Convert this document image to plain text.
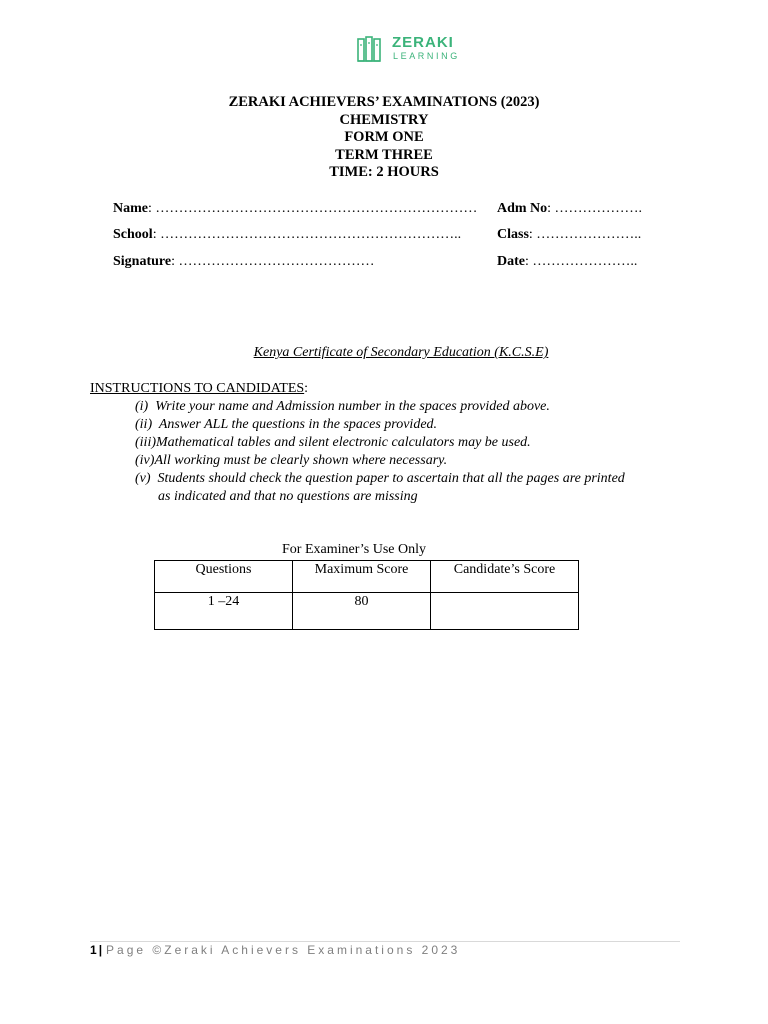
ZERAKI
LEARNING
ZERAKI ACHIEVERS’ EXAMINATIONS (2023)
CHEMISTRY
FORM ONE
TERM THREE
TIME: 2 HOURS
Name: …………………………………………………………… Adm No: ……………….
School: ………………………………………………………..	Class: …………………..
Signature: ……………………………………	Date: …………………..
Kenya Certificate of Secondary Education (K.C.S.E)
INSTRUCTIONS TO CANDIDATES:
(i) Write your name and Admission number in the spaces provided above.
(ii) Answer ALL the questions in the spaces provided.
(iii)Mathematical tables and silent electronic calculators may be used.
(iv)All working must be clearly shown where necessary.
(v) Students should check the question paper to ascertain that all the pages are printed
as indicated and that no questions are missing
For Examiner’s Use Only
Questions	Maximum Score	Candidate’s Score
1 –24	80	
1 | Page ©Zeraki Achievers Examinations 2023
